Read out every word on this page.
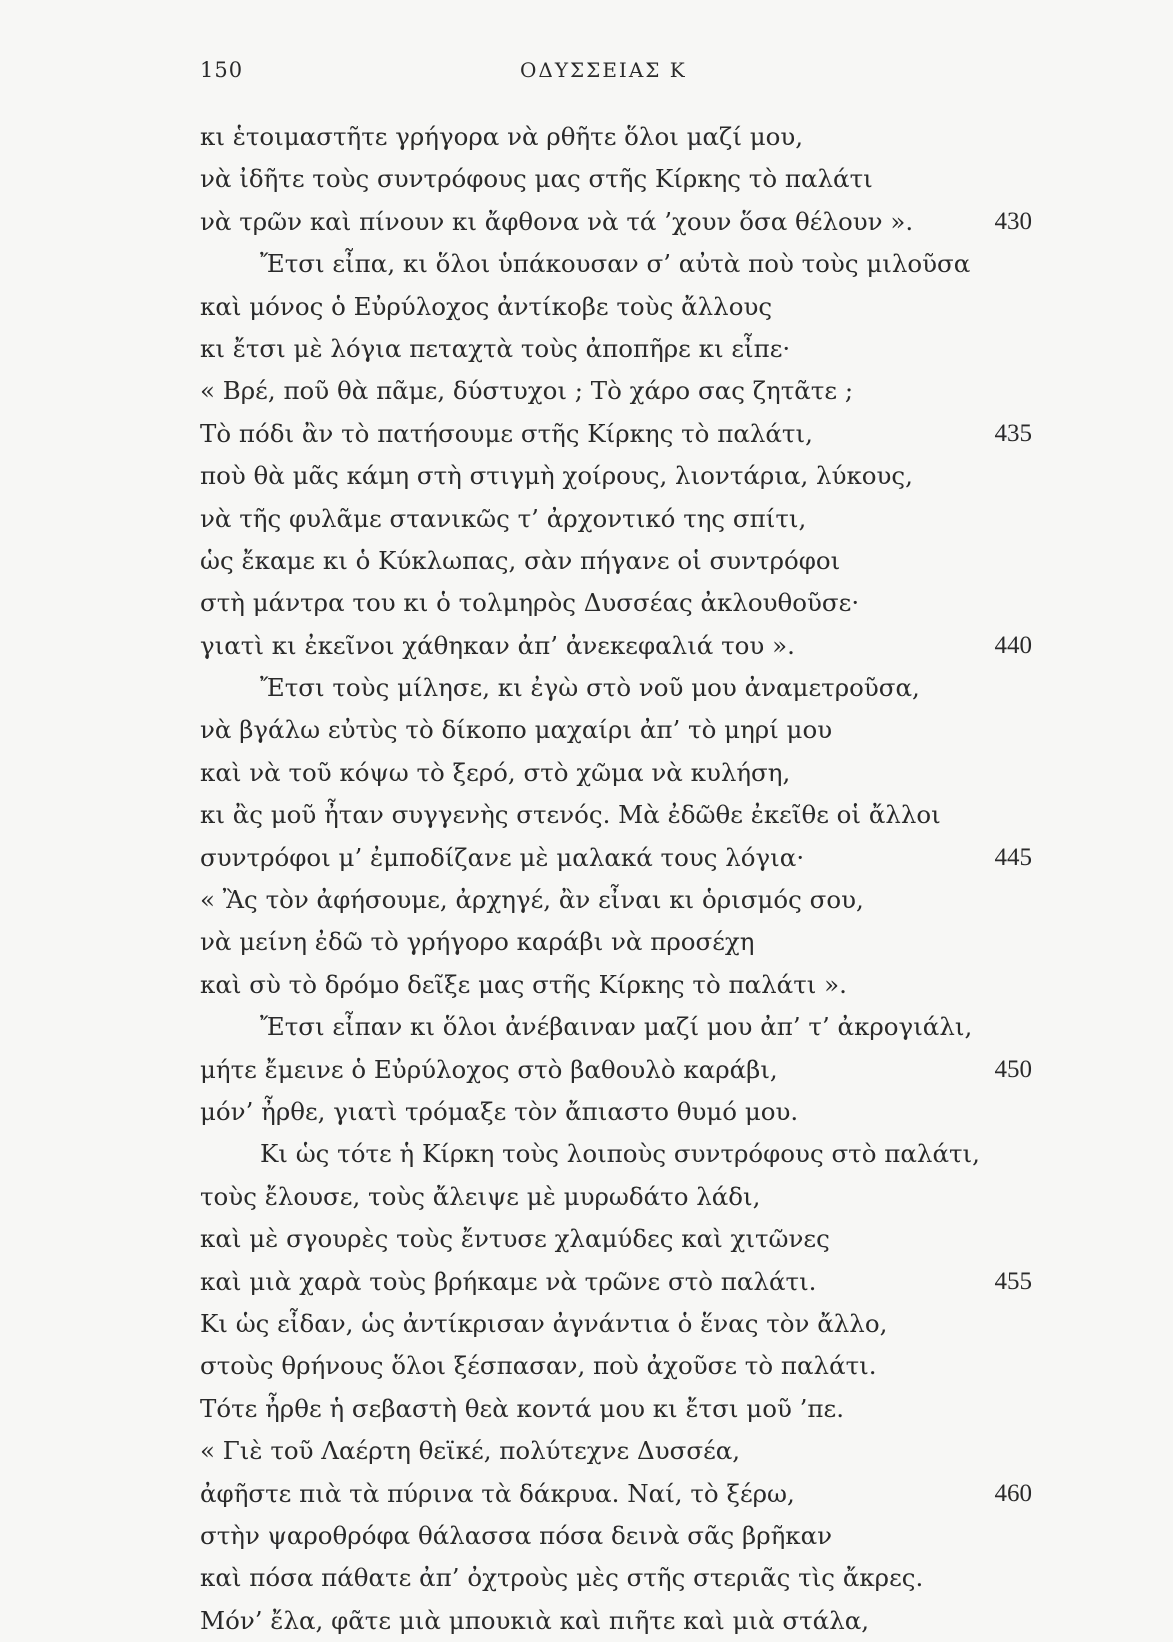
150	ΟΔΥΣΣΕΙΑΣ Κ
κι ἑτοιμαστῆτε γρήγορα νὰ ρθῆτε ὅλοι μαζί μου,
νὰ ἰδῆτε τοὺς συντρόφους μας στῆς Κίρκης τὸ παλάτι
νὰ τρῶν καὶ πίνουν κι ἄφθονα νὰ τά ’χουν ὅσα θέλουν ».	430
Ἔτσι εἶπα, κι ὅλοι ὑπάκουσαν σ’ αὐτὰ ποὺ τοὺς μιλοῦσα
καὶ μόνος ὁ Εὐρύλοχος ἀντίκοβε τοὺς ἄλλους
κι ἔτσι μὲ λόγια πεταχτὰ τοὺς ἀποπῆρε κι εἶπε·
« Βρέ, ποῦ θὰ πᾶμε, δύστυχοι ; Τὸ χάρο σας ζητᾶτε ;
Τὸ πόδι ἂν τὸ πατήσουμε στῆς Κίρκης τὸ παλάτι,	435
ποὺ θὰ μᾶς κάμη στὴ στιγμὴ χοίρους, λιοντάρια, λύκους,
νὰ τῆς φυλᾶμε στανικῶς τ’ ἀρχοντικό της σπίτι,
ὡς ἔκαμε κι ὁ Κύκλωπας, σὰν πήγανε οἱ συντρόφοι
στὴ μάντρα του κι ὁ τολμηρὸς Δυσσέας ἀκλουθοῦσε·
γιατὶ κι ἐκεῖνοι χάθηκαν ἀπ’ ἀνεκεφαλιά του ».	440
Ἔτσι τοὺς μίλησε, κι ἐγὼ στὸ νοῦ μου ἀναμετροῦσα,
νὰ βγάλω εὐτὺς τὸ δίκοπο μαχαίρι ἀπ’ τὸ μηρί μου
καὶ νὰ τοῦ κόψω τὸ ξερό, στὸ χῶμα νὰ κυλήση,
κι ἂς μοῦ ἦταν συγγενὴς στενός. Μὰ ἐδῶθε ἐκεῖθε οἱ ἄλλοι
συντρόφοι μ’ ἐμποδίζανε μὲ μαλακά τους λόγια·	445
« Ἂς τὸν ἀφήσουμε, ἀρχηγέ, ἂν εἶναι κι ὁρισμός σου,
νὰ μείνη ἐδῶ τὸ γρήγορο καράβι νὰ προσέχη
καὶ σὺ τὸ δρόμο δεῖξε μας στῆς Κίρκης τὸ παλάτι ».
Ἔτσι εἶπαν κι ὅλοι ἀνέβαιναν μαζί μου ἀπ’ τ’ ἀκρογιάλι,
μήτε ἔμεινε ὁ Εὐρύλοχος στὸ βαθουλὸ καράβι,	450
μόν’ ἦρθε, γιατὶ τρόμαξε τὸν ἄπιαστο θυμό μου.
Κι ὡς τότε ἡ Κίρκη τοὺς λοιποὺς συντρόφους στὸ παλάτι,
τοὺς ἔλουσε, τοὺς ἄλειψε μὲ μυρωδάτο λάδι,
καὶ μὲ σγουρὲς τοὺς ἔντυσε χλαμύδες καὶ χιτῶνες
καὶ μιὰ χαρὰ τοὺς βρήκαμε νὰ τρῶνε στὸ παλάτι.	455
Κι ὡς εἶδαν, ὡς ἀντίκρισαν ἀγνάντια ὁ ἕνας τὸν ἄλλο,
στοὺς θρήνους ὅλοι ξέσπασαν, ποὺ ἀχοῦσε τὸ παλάτι.
Τότε ἦρθε ἡ σεβαστὴ θεὰ κοντά μου κι ἔτσι μοῦ ’πε.
« Γιὲ τοῦ Λαέρτη θεϊκέ, πολύτεχνε Δυσσέα,
ἀφῆστε πιὰ τὰ πύρινα τὰ δάκρυα. Ναί, τὸ ξέρω,	460
στὴν ψαροθρόφα θάλασσα πόσα δεινὰ σᾶς βρῆκαν
καὶ πόσα πάθατε ἀπ’ ὀχτροὺς μὲς στῆς στεριᾶς τὶς ἄκρες.
Μόν’ ἔλα, φᾶτε μιὰ μπουκιὰ καὶ πιῆτε καὶ μιὰ στάλα,
